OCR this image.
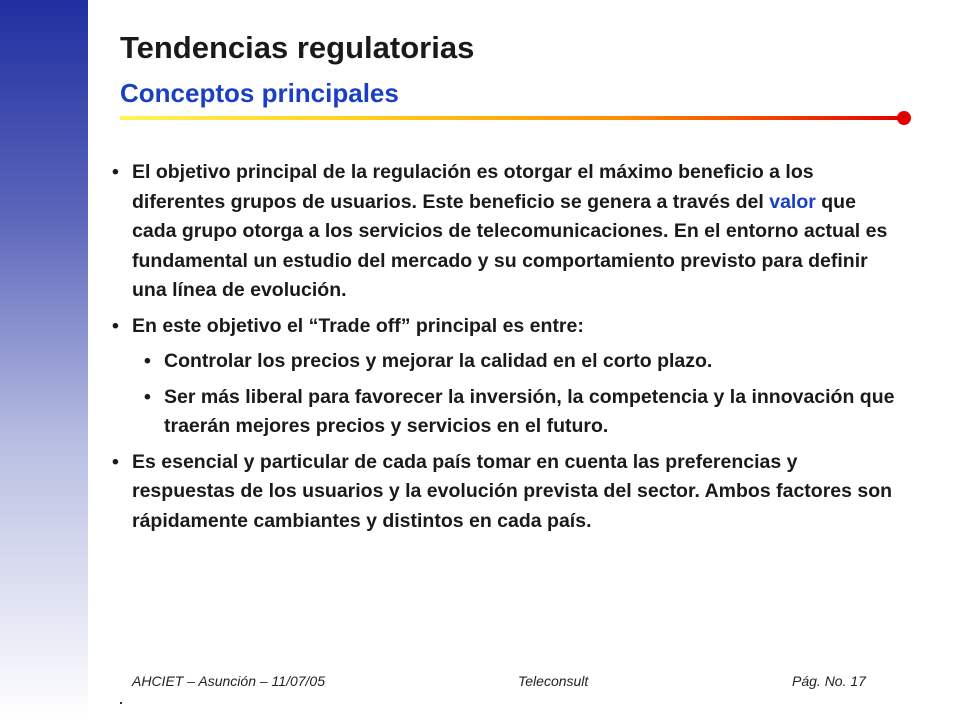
Tendencias regulatorias
Conceptos principales
• El objetivo principal de la regulación es otorgar el máximo beneficio a los diferentes grupos de usuarios. Este beneficio se genera a través del valor que cada grupo otorga a los servicios de telecomunicaciones. En el entorno actual es fundamental un estudio del mercado y su comportamiento previsto para definir una línea de evolución.
• En este objetivo el “Trade off” principal es entre:
• Controlar los precios y mejorar la calidad en el corto plazo.
• Ser más liberal para favorecer la inversión, la competencia y la innovación que traerán mejores precios y servicios en el futuro.
• Es esencial y particular de cada país tomar en cuenta las preferencias y respuestas de los usuarios y la evolución prevista del sector. Ambos factores son rápidamente cambiantes y distintos en cada país.
AHCIET – Asunción – 11/07/05	Teleconsult	Pág. No. 17
